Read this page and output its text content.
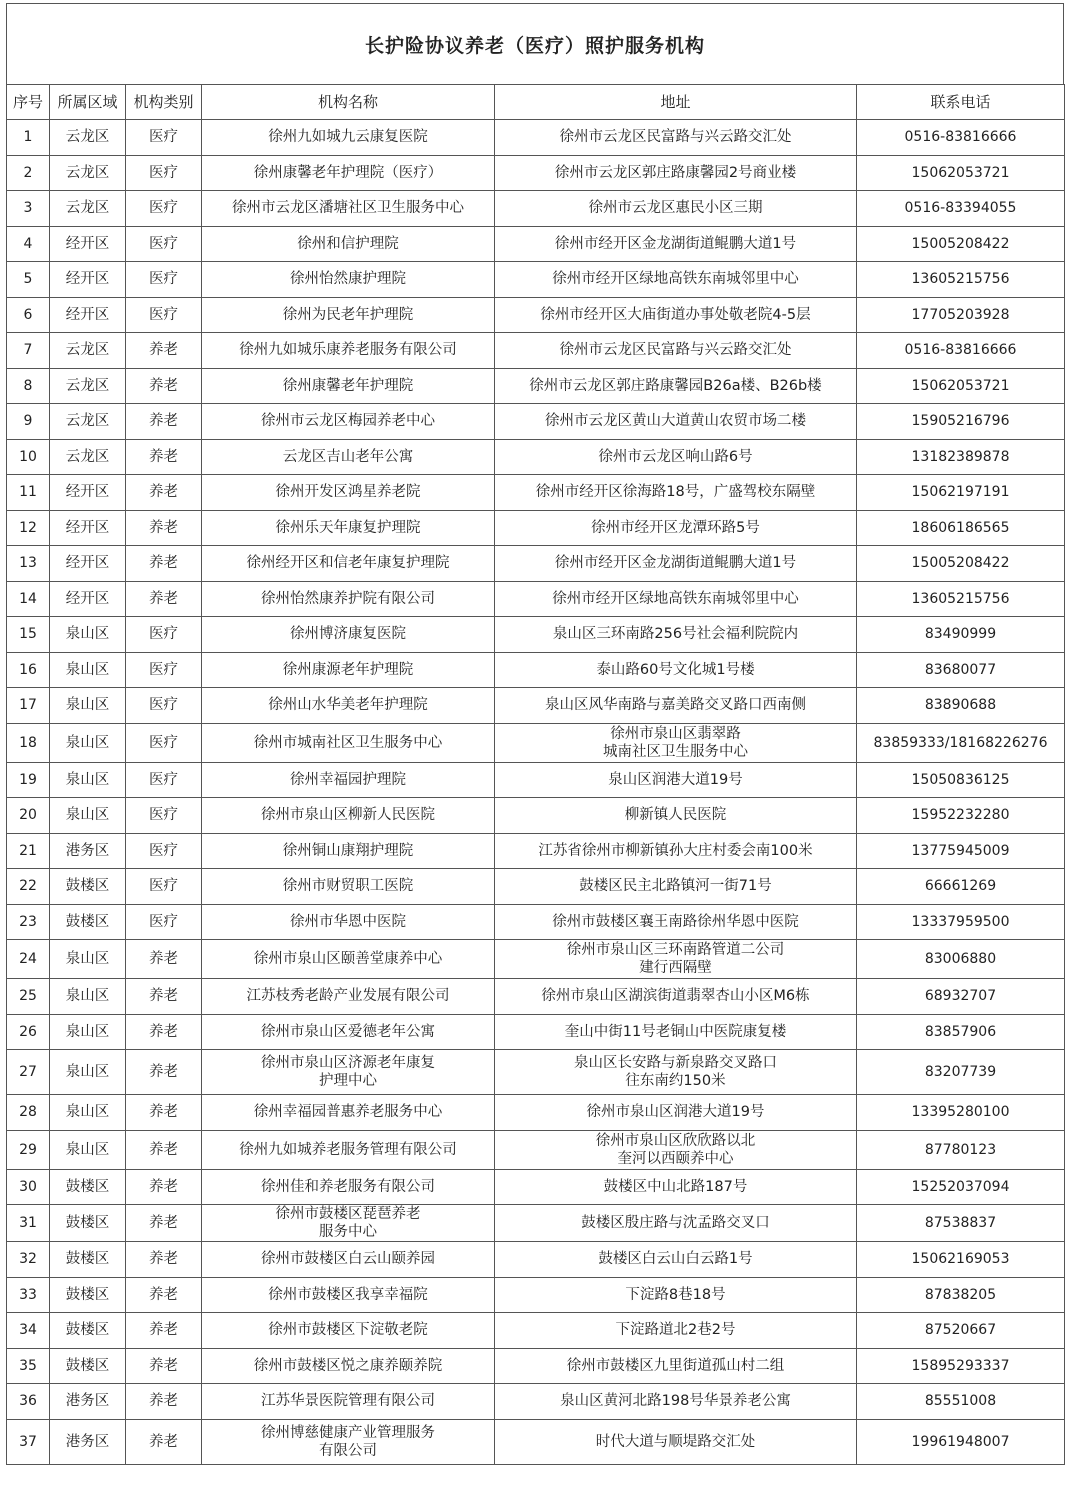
长护险协议养老（医疗）照护服务机构
序号	所属区域	机构类别	机构名称	地址	联系电话
1	云龙区	医疗	徐州九如城九云康复医院	徐州市云龙区民富路与兴云路交汇处	0516-83816666
2	云龙区	医疗	徐州康馨老年护理院（医疗）	徐州市云龙区郭庄路康馨园2号商业楼	15062053721
3	云龙区	医疗	徐州市云龙区潘塘社区卫生服务中心	徐州市云龙区惠民小区三期	0516-83394055
4	经开区	医疗	徐州和信护理院	徐州市经开区金龙湖街道鲲鹏大道1号	15005208422
5	经开区	医疗	徐州怡然康护理院	徐州市经开区绿地高铁东南城邻里中心	13605215756
6	经开区	医疗	徐州为民老年护理院	徐州市经开区大庙街道办事处敬老院4-5层	17705203928
7	云龙区	养老	徐州九如城乐康养老服务有限公司	徐州市云龙区民富路与兴云路交汇处	0516-83816666
8	云龙区	养老	徐州康馨老年护理院	徐州市云龙区郭庄路康馨园B26a楼、B26b楼	15062053721
9	云龙区	养老	徐州市云龙区梅园养老中心	徐州市云龙区黄山大道黄山农贸市场二楼	15905216796
10	云龙区	养老	云龙区吉山老年公寓	徐州市云龙区响山路6号	13182389878
11	经开区	养老	徐州开发区鸿星养老院	徐州市经开区徐海路18号，广盛驾校东隔壁	15062197191
12	经开区	养老	徐州乐天年康复护理院	徐州市经开区龙潭环路5号	18606186565
13	经开区	养老	徐州经开区和信老年康复护理院	徐州市经开区金龙湖街道鲲鹏大道1号	15005208422
14	经开区	养老	徐州怡然康养护院有限公司	徐州市经开区绿地高铁东南城邻里中心	13605215756
15	泉山区	医疗	徐州博济康复医院	泉山区三环南路256号社会福利院院内	83490999
16	泉山区	医疗	徐州康源老年护理院	泰山路60号文化城1号楼	83680077
17	泉山区	医疗	徐州山水华美老年护理院	泉山区风华南路与嘉美路交叉路口西南侧	83890688
18	泉山区	医疗	徐州市城南社区卫生服务中心	徐州市泉山区翡翠路
城南社区卫生服务中心	83859333/18168226276
19	泉山区	医疗	徐州幸福园护理院	泉山区润港大道19号	15050836125
20	泉山区	医疗	徐州市泉山区柳新人民医院	柳新镇人民医院	15952232280
21	港务区	医疗	徐州铜山康翔护理院	江苏省徐州市柳新镇孙大庄村委会南100米	13775945009
22	鼓楼区	医疗	徐州市财贸职工医院	鼓楼区民主北路镇河一街71号	66661269
23	鼓楼区	医疗	徐州市华恩中医院	徐州市鼓楼区襄王南路徐州华恩中医院	13337959500
24	泉山区	养老	徐州市泉山区颐善堂康养中心	徐州市泉山区三环南路管道二公司
建行西隔壁	83006880
25	泉山区	养老	江苏枝秀老龄产业发展有限公司	徐州市泉山区湖滨街道翡翠杏山小区M6栋	68932707
26	泉山区	养老	徐州市泉山区爱德老年公寓	奎山中街11号老铜山中医院康复楼	83857906
27	泉山区	养老	徐州市泉山区济源老年康复
护理中心	泉山区长安路与新泉路交叉路口
往东南约150米	83207739
28	泉山区	养老	徐州幸福园普惠养老服务中心	徐州市泉山区润港大道19号	13395280100
29	泉山区	养老	徐州九如城养老服务管理有限公司	徐州市泉山区欣欣路以北
奎河以西颐养中心	87780123
30	鼓楼区	养老	徐州佳和养老服务有限公司	鼓楼区中山北路187号	15252037094
31	鼓楼区	养老	徐州市鼓楼区琵琶养老
服务中心	鼓楼区殷庄路与沈孟路交叉口	87538837
32	鼓楼区	养老	徐州市鼓楼区白云山颐养园	鼓楼区白云山白云路1号	15062169053
33	鼓楼区	养老	徐州市鼓楼区我享幸福院	下淀路8巷18号	87838205
34	鼓楼区	养老	徐州市鼓楼区下淀敬老院	下淀路道北2巷2号	87520667
35	鼓楼区	养老	徐州市鼓楼区悦之康养颐养院	徐州市鼓楼区九里街道孤山村二组	15895293337
36	港务区	养老	江苏华景医院管理有限公司	泉山区黄河北路198号华景养老公寓	85551008
37	港务区	养老	徐州博慈健康产业管理服务
有限公司	时代大道与顺堤路交汇处	19961948007
